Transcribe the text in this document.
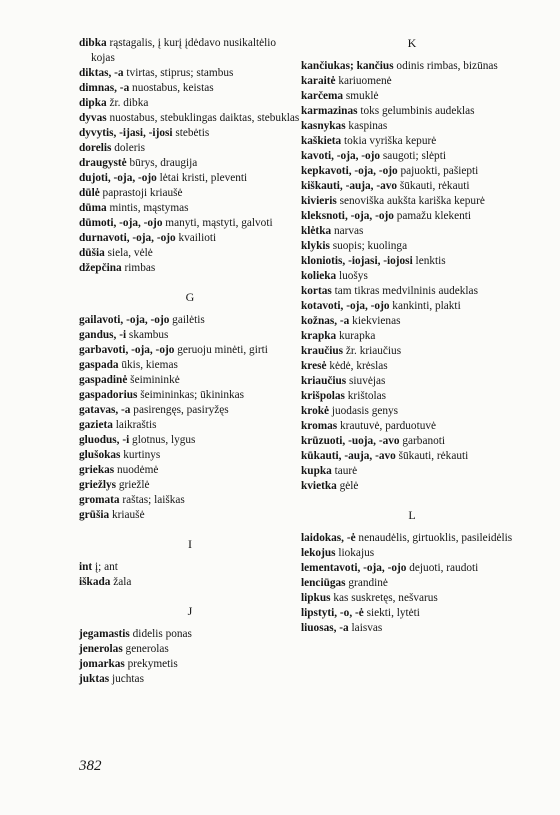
dibka rąstagalis, į kurį įdėdavo nusikaltėlio kojas
diktas, -a tvirtas, stiprus; stambus
dimnas, -a nuostabus, keistas
dipka žr. dibka
dyvas nuostabus, stebuklingas daiktas, stebuklas
dyvytis, -ijasi, -ijosi stebėtis
dorelis doleris
draugystė būrys, draugija
dujoti, -oja, -ojo lėtai kristi, pleventi
dūlė paprastoji kriaušė
dūma mintis, mąstymas
dūmoti, -oja, -ojo manyti, mąstyti, galvoti
durnavoti, -oja, -ojo kvailioti
dūšia siela, vėlė
džepčina rimbas
G
gailavoti, -oja, -ojo gailėtis
gandus, -i skambus
garbavoti, -oja, -ojo geruoju minėti, girti
gaspada ūkis, kiemas
gaspadinė šeimininkė
gaspadorius šeimininkas; ūkininkas
gatavas, -a pasirengęs, pasiryžęs
gazieta laikraštis
gluodus, -i glotnus, lygus
glušokas kurtinys
griekas nuodėmė
griežlys griežlė
gromata raštas; laiškas
grūšia kriaušė
I
int į; ant
iškada žala
J
jegamastis didelis ponas
jenerolas generolas
jomarkas prekymetis
juktas juchtas
K
kančiukas; kančius odinis rimbas, bizūnas
karaitė kariuomenė
karčema smuklė
karmazinas toks gelumbinis audeklas
kasnykas kaspinas
kaškieta tokia vyriška kepurė
kavoti, -oja, -ojo saugoti; slėpti
kepkavoti, -oja, -ojo pajuokti, pašiepti
kiškauti, -auja, -avo šūkauti, rėkauti
kivieris senoviška aukšta kariška kepurė
kleksnoti, -oja, -ojo pamažu klekenti
klėtka narvas
klykis suopis; kuolinga
kloniotis, -iojasi, -iojosi lenktis
kolieka luošys
kortas tam tikras medvilninis audeklas
kotavoti, -oja, -ojo kankinti, plakti
kožnas, -a kiekvienas
krapka kurapka
kraučius žr. kriaučius
kresė kėdė, krėslas
kriaučius siuvėjas
krišpolas krištolas
krokė juodasis genys
kromas krautuvė, parduotuvė
krūzuoti, -uoja, -avo garbanoti
kūkauti, -auja, -avo šūkauti, rėkauti
kupka taurė
kvietka gėlė
L
laidokas, -ė nenaudėlis, girtuoklis, pasileidėlis
lekojus liokajus
lementavoti, -oja, -ojo dejuoti, raudoti
lenciūgas grandinė
lipkus kas suskretęs, nešvarus
lipstyti, -o, -ė siekti, lytėti
liuosas, -a laisvas
382
